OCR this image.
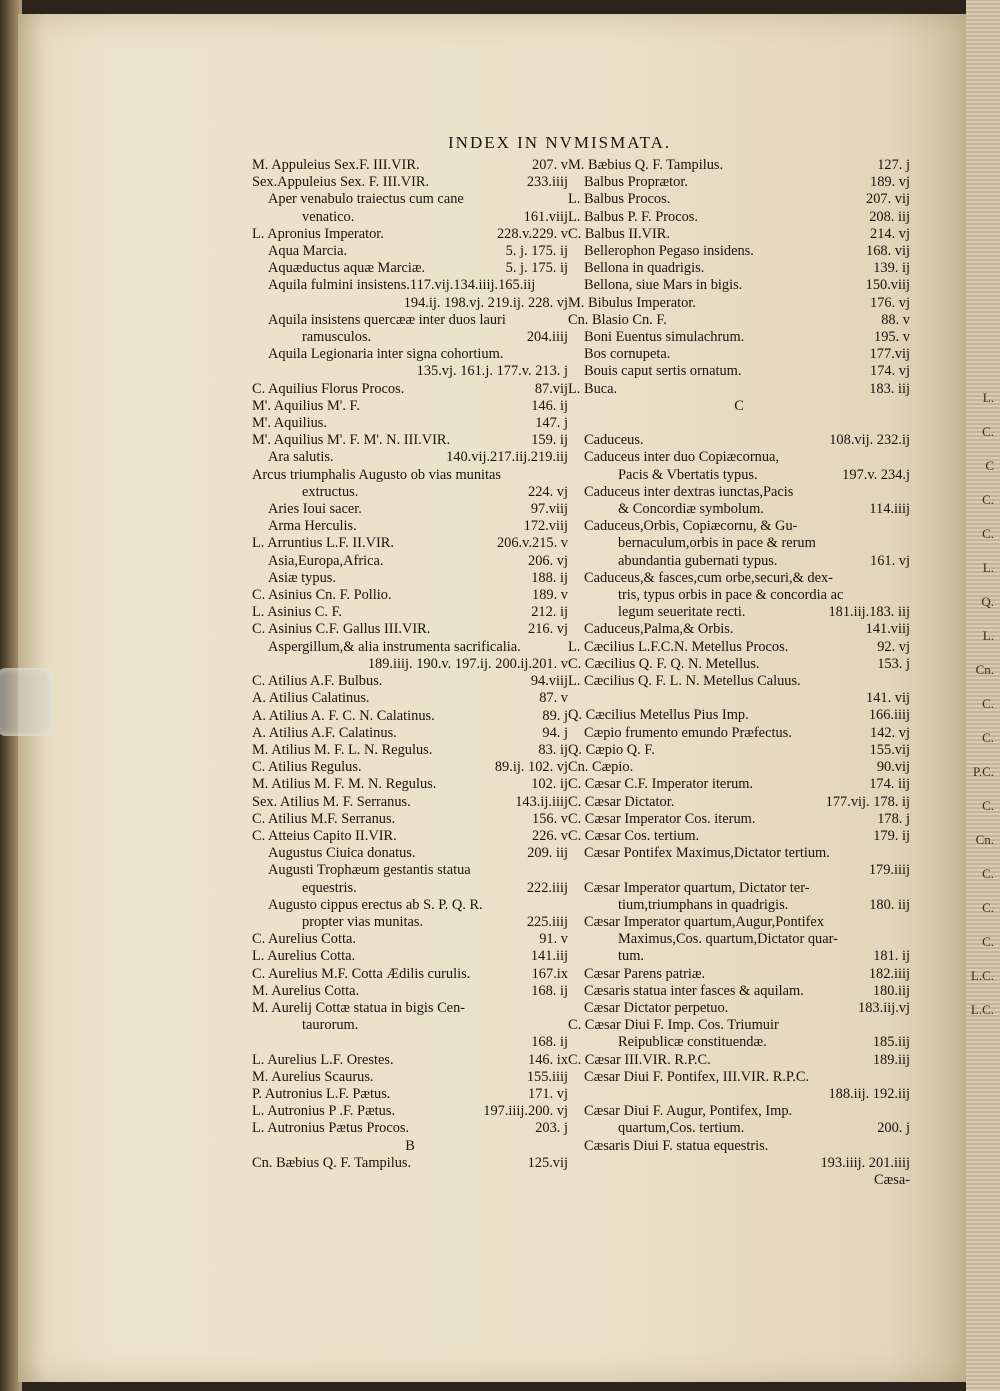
L.
C.
C
C.
C.
L.
Q.
L.
Cn.
C.
C.
P.C.
C.
Cn.
C.
C.
C.
L.C.
L.C.
INDEX IN NVMISMATA.
M. Appuleius Sex.F. III.VIR.	207. v
Sex.Appuleius Sex. F. III.VIR.	233.iiij
Aper venabulo traiectus cum cane
venatico.	161.viij
L. Apronius Imperator.	228.v.229. v
Aqua Marcia.	5. j. 175. ij
Aquæductus aquæ Marciæ.	5. j. 175. ij
Aquila fulmini insistens.117.vij.134.iiij.165.iij
194.ij. 198.vj. 219.ij. 228. vj
Aquila insistens quercææ inter duos lauri
ramusculos.	204.iiij
Aquila Legionaria inter signa cohortium.
135.vj. 161.j. 177.v. 213. j
C. Aquilius Florus Procos.	87.vij
M'. Aquilius M'. F.	146. ij
M'. Aquilius.	147. j
M'. Aquilius M'. F. M'. N. III.VIR.	159. ij
Ara salutis.	140.vij.217.iij.219.iij
Arcus triumphalis Augusto ob vias munitas
extructus.	224. vj
Aries Ioui sacer.	97.viij
Arma Herculis.	172.viij
L. Arruntius L.F. II.VIR.	206.v.215. v
Asia,Europa,Africa.	206. vj
Asiæ typus.	188. ij
C. Asinius Cn. F. Pollio.	189. v
L. Asinius C. F.	212. ij
C. Asinius C.F. Gallus III.VIR.	216. vj
Aspergillum,& alia instrumenta sacrificalia.
189.iiij. 190.v. 197.ij. 200.ij.201. v
C. Atilius A.F. Bulbus.	94.viij
A. Atilius Calatinus.	87. v
A. Atilius A. F. C. N. Calatinus.	89. j
A. Atilius A.F. Calatinus.	94. j
M. Atilius M. F. L. N. Regulus.	83. ij
C. Atilius Regulus.	89.ij. 102. vj
M. Atilius M. F. M. N. Regulus.	102. ij
Sex. Atilius M. F. Serranus.	143.ij.iiij
C. Atilius M.F. Serranus.	156. v
C. Atteius Capito II.VIR.	226. v
Augustus Ciuica donatus.	209. iij
Augusti Trophæum gestantis statua
equestris.	222.iiij
Augusto cippus erectus ab S. P. Q. R.
propter vias munitas.	225.iiij
C. Aurelius Cotta.	91. v
L. Aurelius Cotta.	141.iij
C. Aurelius M.F. Cotta Ædilis curulis.	167.ix
M. Aurelius Cotta.	168. ij
M. Aurelij Cottæ statua in bigis Cen-
taurorum.
168. ij
L. Aurelius L.F. Orestes.	146. ix
M. Aurelius Scaurus.	155.iiij
P. Autronius L.F. Pætus.	171. vj
L. Autronius P .F. Pætus.	197.iiij.200. vj
L. Autronius Pætus Procos.	203. j
B
Cn. Bæbius Q. F. Tampilus.	125.vij
M. Bæbius Q. F. Tampilus.	127. j
Balbus Proprætor.	189. vj
L. Balbus Procos.	207. vij
L. Balbus P. F. Procos.	208. iij
C. Balbus II.VIR.	214. vj
Bellerophon Pegaso insidens.	168. vij
Bellona in quadrigis.	139. ij
Bellona, siue Mars in bigis.	150.viij
M. Bibulus Imperator.	176. vj
Cn. Blasio Cn. F.	88. v
Boni Euentus simulachrum.	195. v
Bos cornupeta.	177.vij
Bouis caput sertis ornatum.	174. vj
L. Buca.	183. iij
C
Caduceus.	108.vij. 232.ij
Caduceus inter duo Copiæcornua,
Pacis & Vbertatis typus.	197.v. 234.j
Caduceus inter dextras iunctas,Pacis
& Concordiæ symbolum.	114.iiij
Caduceus,Orbis, Copiæcornu, & Gu-
bernaculum,orbis in pace & rerum
abundantia gubernati typus.	161. vj
Caduceus,& fasces,cum orbe,securi,& dex-
tris, typus orbis in pace & concordia ac
legum seueritate recti.	181.iij.183. iij
Caduceus,Palma,& Orbis.	141.viij
L. Cæcilius L.F.C.N. Metellus Procos.	92. vj
C. Cæcilius Q. F. Q. N. Metellus.	153. j
L. Cæcilius Q. F. L. N. Metellus Caluus.
141. vij
Q. Cæcilius Metellus Pius Imp.	166.iiij
Cæpio frumento emundo Præfectus.	142. vj
Q. Cæpio Q. F.	155.vij
Cn. Cæpio.	90.vij
C. Cæsar C.F. Imperator iterum.	174. iij
C. Cæsar Dictator.	177.vij. 178. ij
C. Cæsar Imperator Cos. iterum.	178. j
C. Cæsar Cos. tertium.	179. ij
Cæsar Pontifex Maximus,Dictator tertium.
179.iiij
Cæsar Imperator quartum, Dictator ter-
tium,triumphans in quadrigis.	180. iij
Cæsar Imperator quartum,Augur,Pontifex
Maximus,Cos. quartum,Dictator quar-
tum.	181. ij
Cæsar Parens patriæ.	182.iiij
Cæsaris statua inter fasces & aquilam.	180.iij
Cæsar Dictator perpetuo.	183.iij.vj
C. Cæsar Diui F. Imp. Cos. Triumuir
Reipublicæ constituendæ.	185.iij
C. Cæsar III.VIR. R.P.C.	189.iij
Cæsar Diui F. Pontifex, III.VIR. R.P.C.
188.iij. 192.iij
Cæsar Diui F. Augur, Pontifex, Imp.
quartum,Cos. tertium.	200. j
Cæsaris Diui F. statua equestris.
193.iiij. 201.iiij
Cæsa-
